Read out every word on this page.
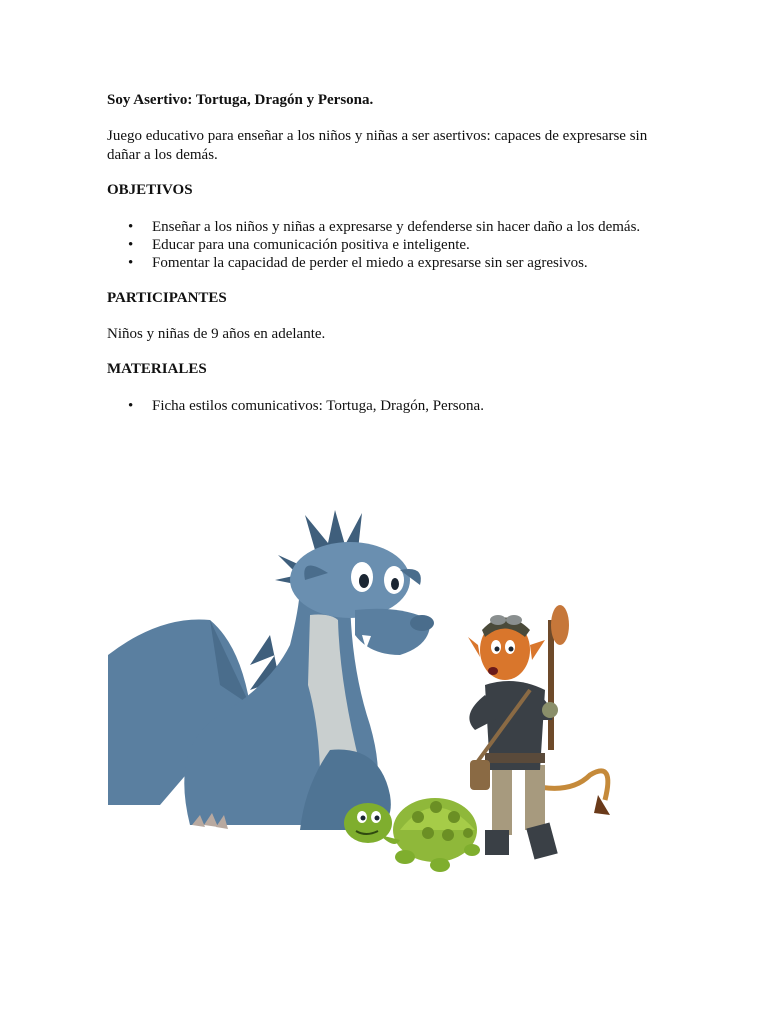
Soy Asertivo: Tortuga, Dragón y Persona.

Juego educativo para enseñar a los niños y niñas a ser asertivos: capaces de expresarse sin dañar a los demás.

OBJETIVOS

• Enseñar a los niños y niñas a expresarse y defenderse sin hacer daño a los demás.
• Educar para una comunicación positiva e inteligente.
• Fomentar la capacidad de perder el miedo a expresarse sin ser agresivos.

PARTICIPANTES

Niños y niñas de 9 años en adelante.

MATERIALES

• Ficha estilos comunicativos: Tortuga, Dragón, Persona.
